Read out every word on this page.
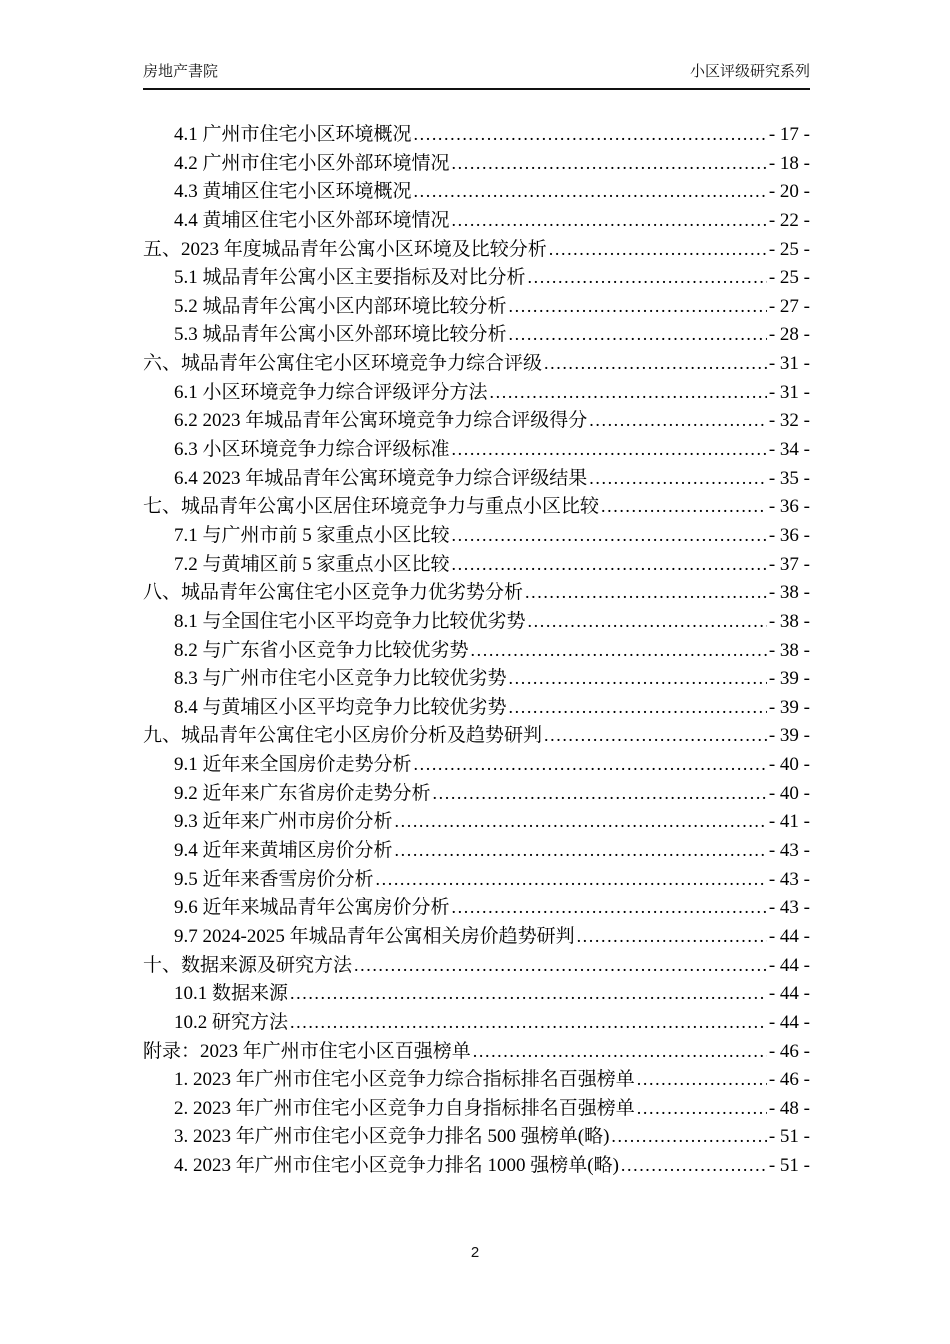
房地产書院	小区评级研究系列
4.1 广州市住宅小区环境概况 .....	- 17 -
4.2 广州市住宅小区外部环境情况 .....	- 18 -
4.3 黄埔区住宅小区环境概况 .....	- 20 -
4.4 黄埔区住宅小区外部环境情况 .....	- 22 -
五、2023 年度城品青年公寓小区环境及比较分析 .....	- 25 -
5.1 城品青年公寓小区主要指标及对比分析 .....	- 25 -
5.2 城品青年公寓小区内部环境比较分析 .....	- 27 -
5.3 城品青年公寓小区外部环境比较分析 .....	- 28 -
六、城品青年公寓住宅小区环境竞争力综合评级 .....	- 31 -
6.1 小区环境竞争力综合评级评分方法 .....	- 31 -
6.2 2023 年城品青年公寓环境竞争力综合评级得分 .....	- 32 -
6.3 小区环境竞争力综合评级标准 .....	- 34 -
6.4 2023 年城品青年公寓环境竞争力综合评级结果 .....	- 35 -
七、城品青年公寓小区居住环境竞争力与重点小区比较 .....	- 36 -
7.1 与广州市前 5 家重点小区比较 .....	- 36 -
7.2 与黄埔区前 5 家重点小区比较 .....	- 37 -
八、城品青年公寓住宅小区竞争力优劣势分析 .....	- 38 -
8.1 与全国住宅小区平均竞争力比较优劣势 .....	- 38 -
8.2 与广东省小区竞争力比较优劣势 .....	- 38 -
8.3 与广州市住宅小区竞争力比较优劣势 .....	- 39 -
8.4 与黄埔区小区平均竞争力比较优劣势 .....	- 39 -
九、城品青年公寓住宅小区房价分析及趋势研判 .....	- 39 -
9.1 近年来全国房价走势分析 .....	- 40 -
9.2 近年来广东省房价走势分析 .....	- 40 -
9.3 近年来广州市房价分析 .....	- 41 -
9.4 近年来黄埔区房价分析 .....	- 43 -
9.5 近年来香雪房价分析 .....	- 43 -
9.6 近年来城品青年公寓房价分析 .....	- 43 -
9.7 2024-2025 年城品青年公寓相关房价趋势研判 .....	- 44 -
十、数据来源及研究方法 .....	- 44 -
10.1 数据来源 .....	- 44 -
10.2 研究方法 .....	- 44 -
附录：2023 年广州市住宅小区百强榜单 .....	- 46 -
1. 2023 年广州市住宅小区竞争力综合指标排名百强榜单 .....	- 46 -
2. 2023 年广州市住宅小区竞争力自身指标排名百强榜单 .....	- 48 -
3. 2023 年广州市住宅小区竞争力排名 500 强榜单(略) .....	- 51 -
4. 2023 年广州市住宅小区竞争力排名 1000 强榜单(略) .....	- 51 -
2
